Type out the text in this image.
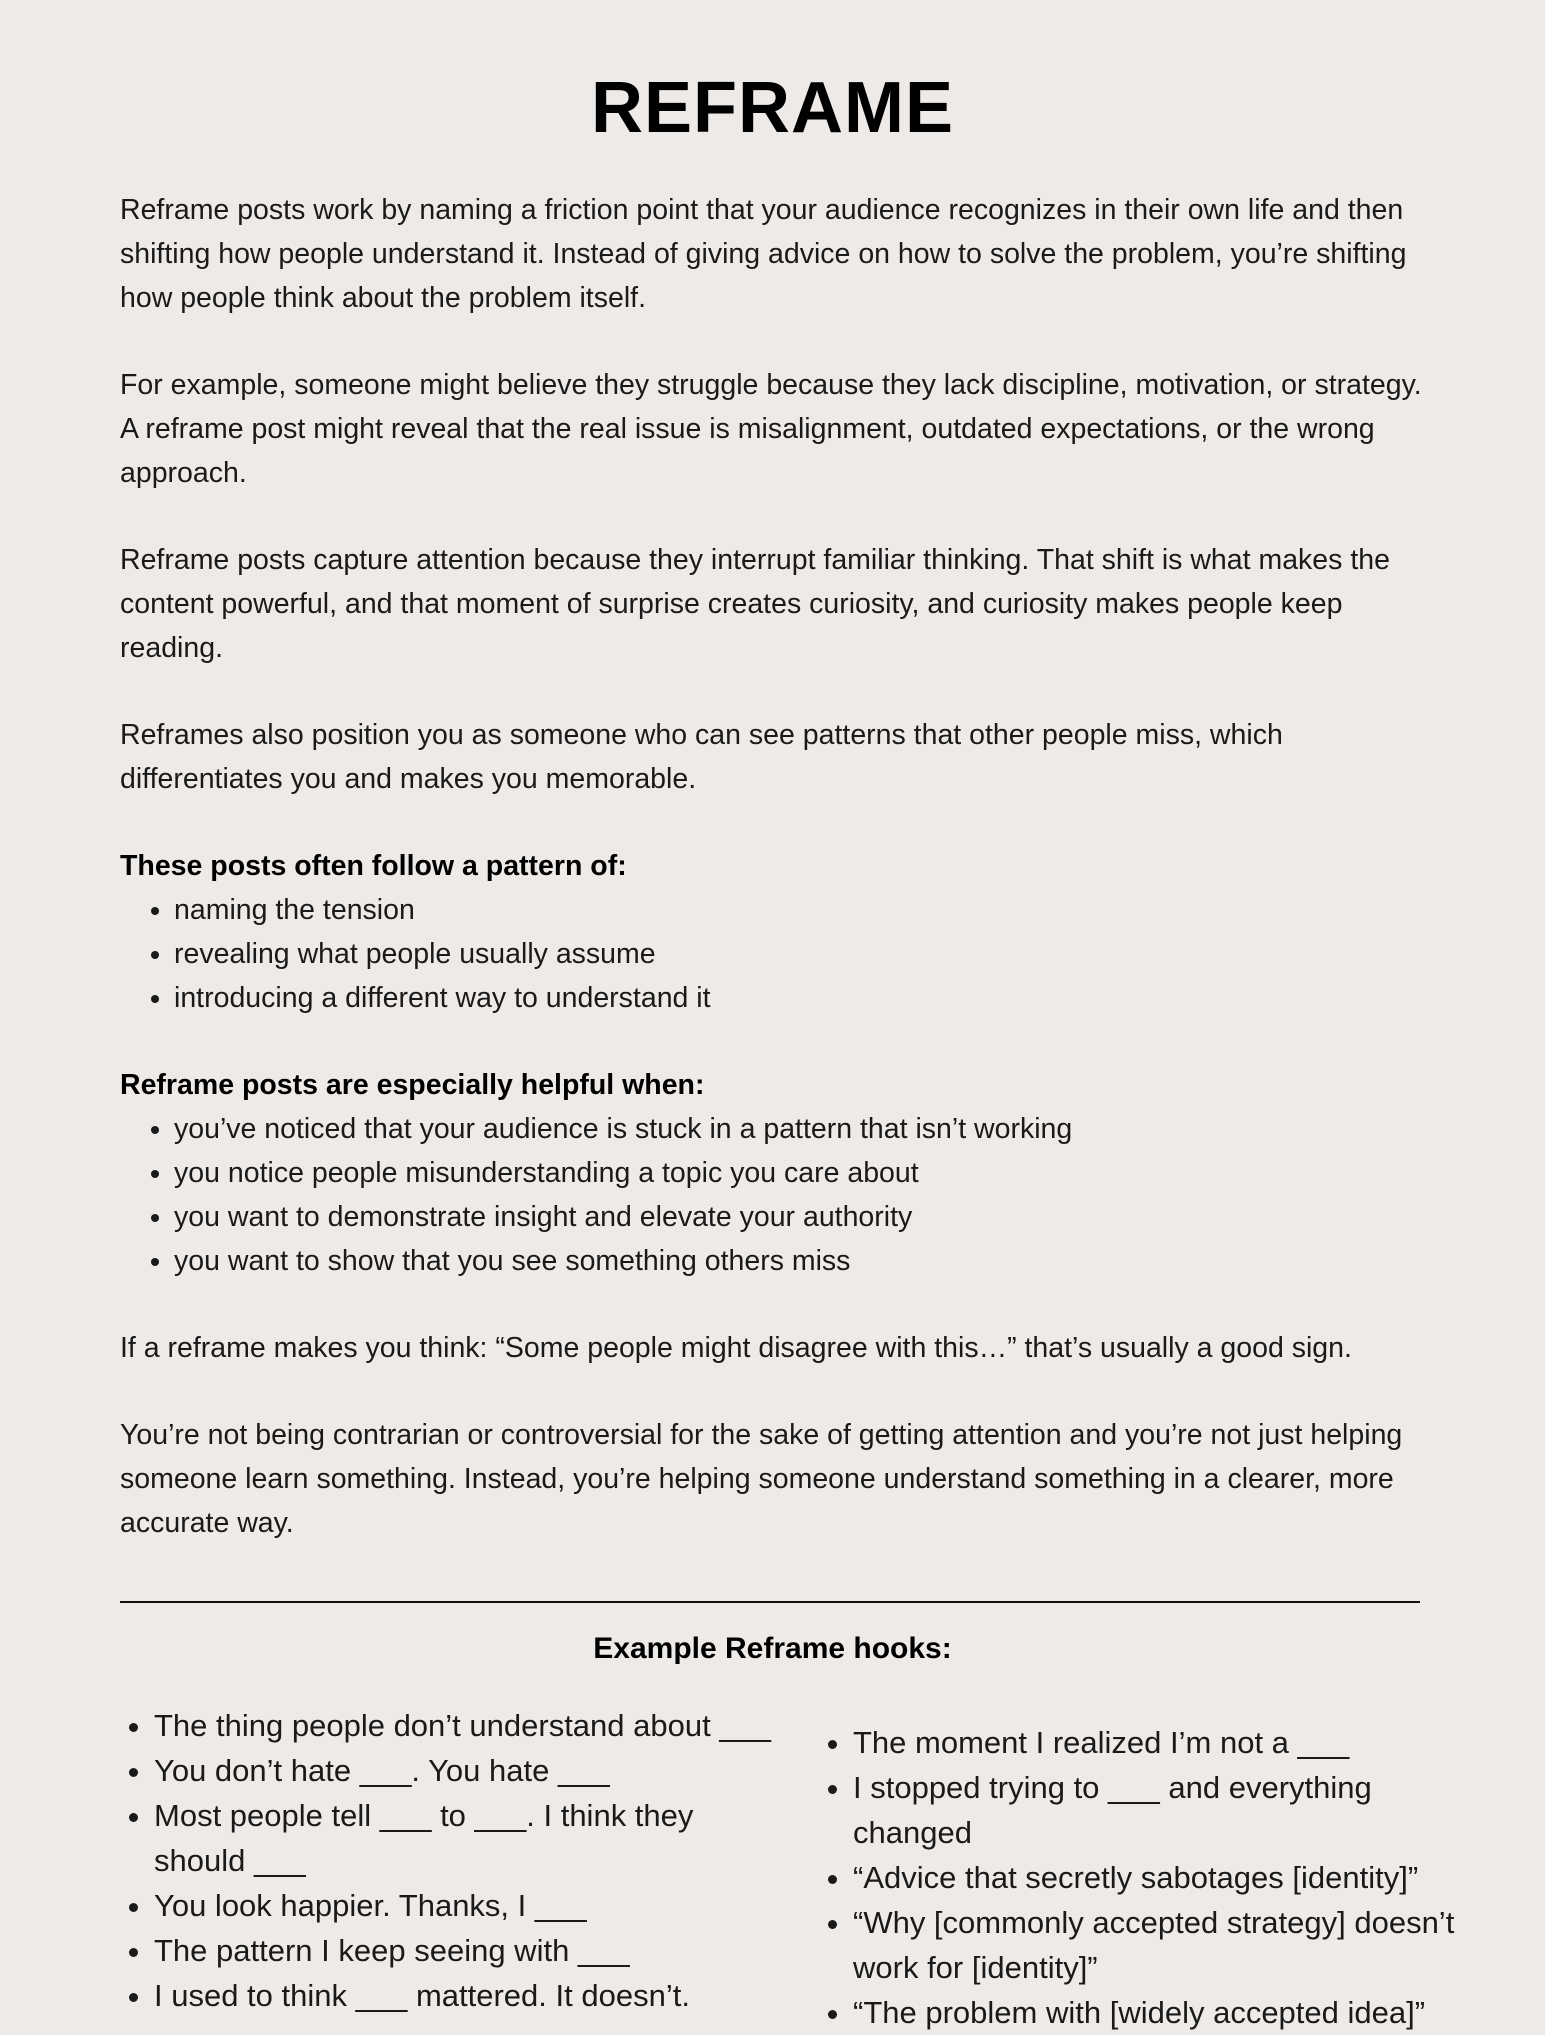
REFRAME

Reframe posts work by naming a friction point that your audience recognizes in their own life and then shifting how people understand it. Instead of giving advice on how to solve the problem, you’re shifting how people think about the problem itself.

For example, someone might believe they struggle because they lack discipline, motivation, or strategy. A reframe post might reveal that the real issue is misalignment, outdated expectations, or the wrong approach.

Reframe posts capture attention because they interrupt familiar thinking. That shift is what makes the content powerful, and that moment of surprise creates curiosity, and curiosity makes people keep reading.

Reframes also position you as someone who can see patterns that other people miss, which differentiates you and makes you memorable.

These posts often follow a pattern of:
• naming the tension
• revealing what people usually assume
• introducing a different way to understand it
Reframe posts are especially helpful when:
• you’ve noticed that your audience is stuck in a pattern that isn’t working
• you notice people misunderstanding a topic you care about
• you want to demonstrate insight and elevate your authority
• you want to show that you see something others miss

If a reframe makes you think: “Some people might disagree with this…” that’s usually a good sign.

You’re not being contrarian or controversial for the sake of getting attention and you’re not just helping someone learn something. Instead, you’re helping someone understand something in a clearer, more accurate way.

Example Reframe hooks:
• The thing people don’t understand about ___
• You don’t hate ___. You hate ___
• Most people tell ___ to ___. I think they should ___
• You look happier. Thanks, I ___
• The pattern I keep seeing with ___
• I used to think ___ mattered. It doesn’t.
• The moment I realized I’m not a ___
• I stopped trying to ___ and everything changed
• “Advice that secretly sabotages [identity]”
• “Why [commonly accepted strategy] doesn’t work for [identity]”
• “The problem with [widely accepted idea]”
